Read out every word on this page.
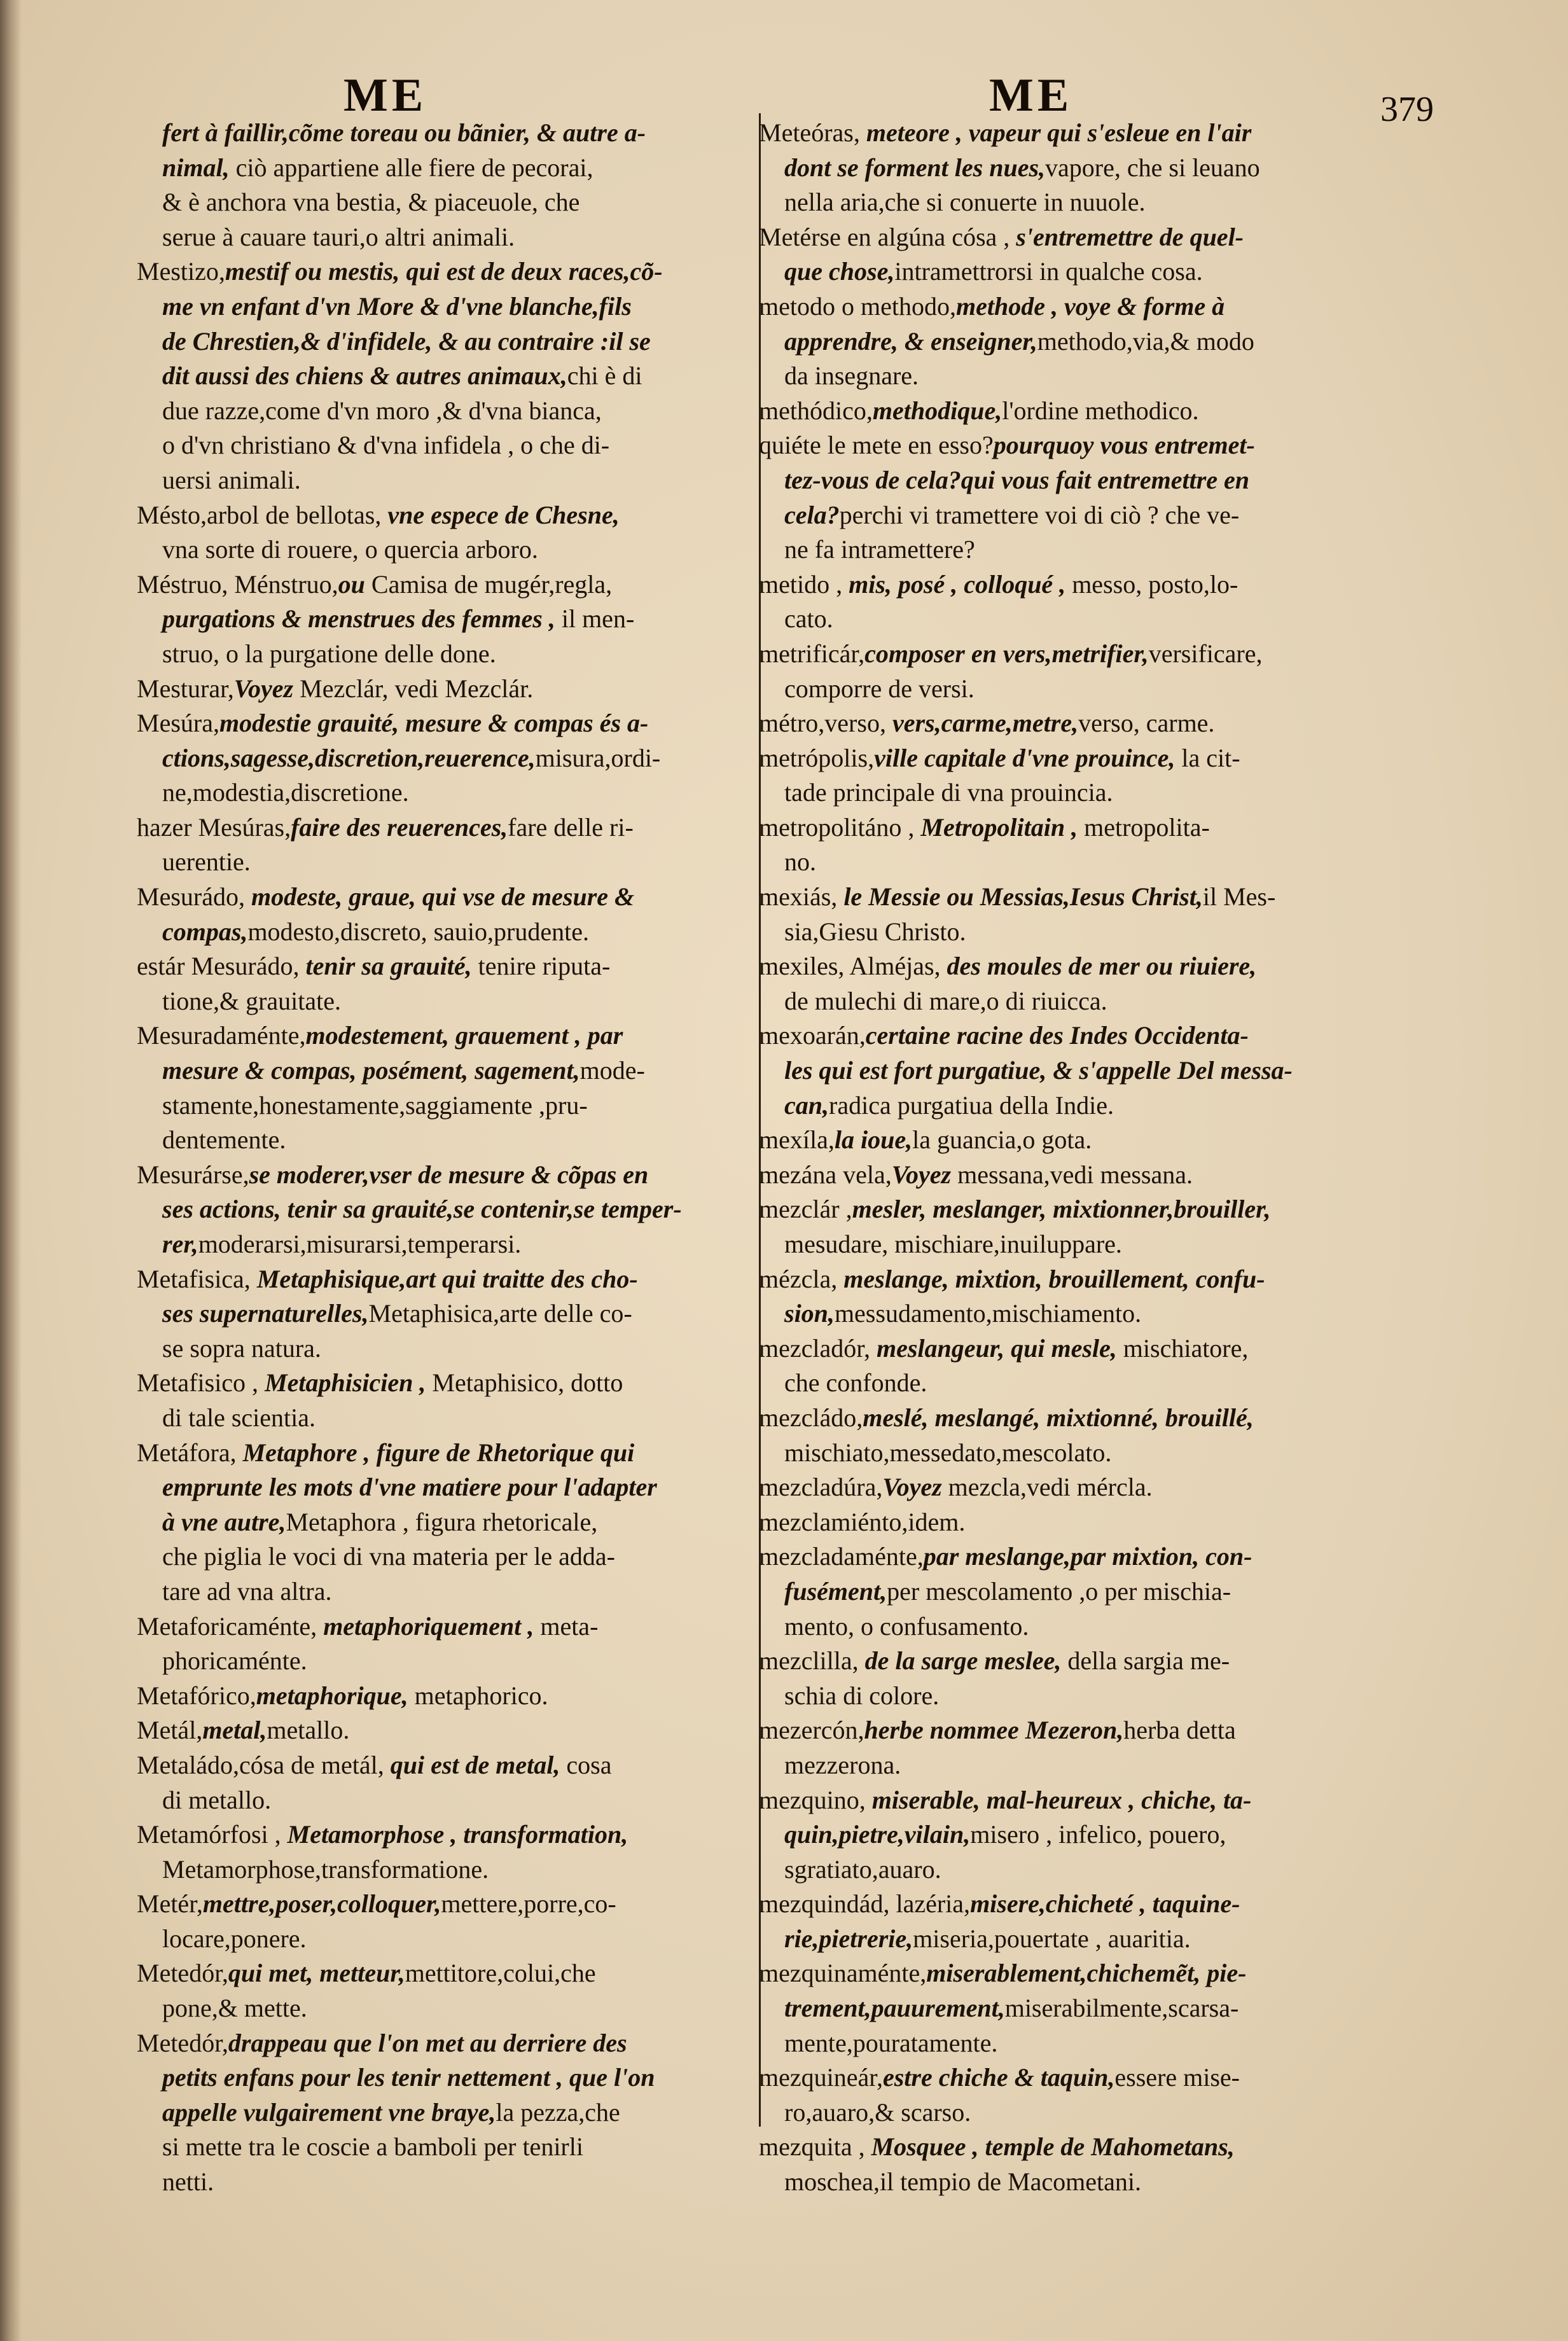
ME	ME	379
fert à faillir,cõme toreau ou bãnier, & autre a-
nimal, ciò appartiene alle fiere de pecorai,
& è anchora vna bestia, & piaceuole, che
serue à cauare tauri,o altri animali.
Mestizo,mestif ou mestis, qui est de deux races,cõ-
me vn enfant d'vn More & d'vne blanche,fils
de Chrestien,& d'infidele, & au contraire :il se
dit aussi des chiens & autres animaux,chi è di
due razze,come d'vn moro ,& d'vna bianca,
o d'vn christiano & d'vna infidela , o che di-
uersi animali.
Mésto,arbol de bellotas, vne espece de Chesne,
vna sorte di rouere, o quercia arboro.
Méstruo, Ménstruo,ou Camisa de mugér,regla,
purgations & menstrues des femmes , il men-
struo, o la purgatione delle done.
Mesturar,Voyez Mezclár, vedi Mezclár.
Mesúra,modestie grauité, mesure & compas és a-
ctions,sagesse,discretion,reuerence,misura,ordi-
ne,modestia,discretione.
hazer Mesúras,faire des reuerences,fare delle ri-
uerentie.
Mesurádo, modeste, graue, qui vse de mesure &
compas,modesto,discreto, sauio,prudente.
estár Mesurádo, tenir sa grauité, tenire riputa-
tione,& grauitate.
Mesuradaménte,modestement, grauement , par
mesure & compas, posément, sagement,mode-
stamente,honestamente,saggiamente ,pru-
dentemente.
Mesurárse,se moderer,vser de mesure & cõpas en
ses actions, tenir sa grauité,se contenir,se temper-
rer,moderarsi,misurarsi,temperarsi.
Metafisica, Metaphisique,art qui traitte des cho-
ses supernaturelles,Metaphisica,arte delle co-
se sopra natura.
Metafisico , Metaphisicien , Metaphisico, dotto
di tale scientia.
Metáfora, Metaphore , figure de Rhetorique qui
emprunte les mots d'vne matiere pour l'adapter
à vne autre,Metaphora , figura rhetoricale,
che piglia le voci di vna materia per le adda-
tare ad vna altra.
Metaforicaménte, metaphoriquement , meta-
phoricaménte.
Metafórico,metaphorique, metaphorico.
Metál,metal,metallo.
Metaládo,cósa de metál, qui est de metal, cosa
di metallo.
Metamórfosi , Metamorphose , transformation,
Metamorphose,transformatione.
Metér,mettre,poser,colloquer,mettere,porre,co-
locare,ponere.
Metedór,qui met, metteur,mettitore,colui,che
pone,& mette.
Metedór,drappeau que l'on met au derriere des
petits enfans pour les tenir nettement , que l'on
appelle vulgairement vne braye,la pezza,che
si mette tra le coscie a bamboli per tenirli
netti.
Meteóras, meteore , vapeur qui s'esleue en l'air
dont se forment les nues,vapore, che si leuano
nella aria,che si conuerte in nuuole.
Metérse en algúna cósa , s'entremettre de quel-
que chose,intramettrorsi in qualche cosa.
metodo o methodo,methode , voye & forme à
apprendre, & enseigner,methodo,via,& modo
da insegnare.
methódico,methodique,l'ordine methodico.
quiéte le mete en esso?pourquoy vous entremet-
tez-vous de cela?qui vous fait entremettre en
cela?perchi vi tramettere voi di ciò ? che ve-
ne fa intramettere?
metido , mis, posé , colloqué , messo, posto,lo-
cato.
metrificár,composer en vers,metrifier,versificare,
comporre de versi.
métro,verso, vers,carme,metre,verso, carme.
metrópolis,ville capitale d'vne prouince, la cit-
tade principale di vna prouincia.
metropolitáno , Metropolitain , metropolita-
no.
mexiás, le Messie ou Messias,Iesus Christ,il Mes-
sia,Giesu Christo.
mexiles, Alméjas, des moules de mer ou riuiere,
de mulechi di mare,o di riuicca.
mexoarán,certaine racine des Indes Occidenta-
les qui est fort purgatiue, & s'appelle Del messa-
can,radica purgatiua della Indie.
mexíla,la ioue,la guancia,o gota.
mezána vela,Voyez messana,vedi messana.
mezclár ,mesler, meslanger, mixtionner,brouiller,
mesudare, mischiare,inuiluppare.
mézcla, meslange, mixtion, brouillement, confu-
sion,messudamento,mischiamento.
mezcladór, meslangeur, qui mesle, mischiatore,
che confonde.
mezcládo,meslé, meslangé, mixtionné, brouillé,
mischiato,messedato,mescolato.
mezcladúra,Voyez mezcla,vedi mércla.
mezclamiénto,idem.
mezcladaménte,par meslange,par mixtion, con-
fusément,per mescolamento ,o per mischia-
mento, o confusamento.
mezclilla, de la sarge meslee, della sargia me-
schia di colore.
mezercón,herbe nommee Mezeron,herba detta
mezzerona.
mezquino, miserable, mal-heureux , chiche, ta-
quin,pietre,vilain,misero , infelico, pouero,
sgratiato,auaro.
mezquindád, lazéria,misere,chicheté , taquine-
rie,pietrerie,miseria,pouertate , auaritia.
mezquinaménte,miserablement,chichemẽt, pie-
trement,pauurement,miserabilmente,scarsa-
mente,pouratamente.
mezquineár,estre chiche & taquin,essere mise-
ro,auaro,& scarso.
mezquita , Mosquee , temple de Mahometans,
moschea,il tempio de Macometani.
